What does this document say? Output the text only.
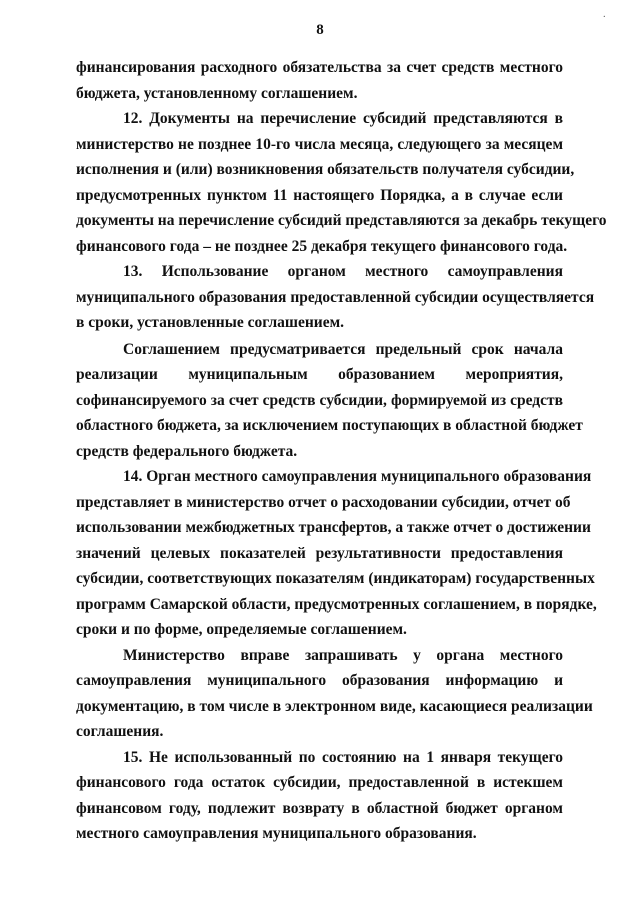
8
·
финансирования расходного обязательства за счет средств местного
бюджета, установленному соглашением.
12. Документы на перечисление субсидий представляются в
министерство не позднее 10-го числа месяца, следующего за месяцем
исполнения и (или) возникновения обязательств получателя субсидии,
предусмотренных пунктом 11 настоящего Порядка, а в случае если
документы на перечисление субсидий представляются за декабрь текущего
финансового года – не позднее 25 декабря текущего финансового года.
13. Использование органом местного самоуправления
муниципального образования предоставленной субсидии осуществляется
в сроки, установленные соглашением.
Соглашением предусматривается предельный срок начала
реализации муниципальным образованием мероприятия,
софинансируемого за счет средств субсидии, формируемой из средств
областного бюджета, за исключением поступающих в областной бюджет
средств федерального бюджета.
14. Орган местного самоуправления муниципального образования
представляет в министерство отчет о расходовании субсидии, отчет об
использовании межбюджетных трансфертов, а также отчет о достижении
значений целевых показателей результативности предоставления
субсидии, соответствующих показателям (индикаторам) государственных
программ Самарской области, предусмотренных соглашением, в порядке,
сроки и по форме, определяемые соглашением.
Министерство вправе запрашивать у органа местного
самоуправления муниципального образования информацию и
документацию, в том числе в электронном виде, касающиеся реализации
соглашения.
15. Не использованный по состоянию на 1 января текущего
финансового года остаток субсидии, предоставленной в истекшем
финансовом году, подлежит возврату в областной бюджет органом
местного самоуправления муниципального образования.
